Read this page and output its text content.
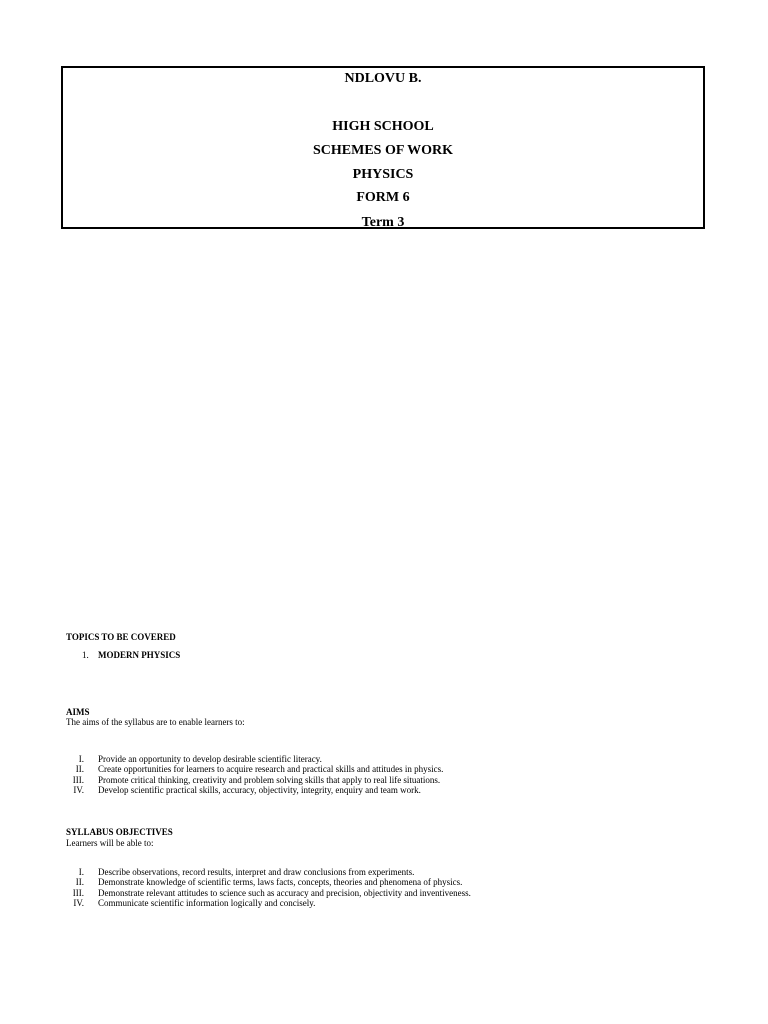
NDLOVU B.
HIGH SCHOOL
SCHEMES OF WORK
PHYSICS
FORM 6
Term 3
TOPICS TO BE COVERED
1.	MODERN PHYSICS
AIMS
The aims of the syllabus are to enable learners to:
I. Provide an opportunity to develop desirable scientific literacy.
II. Create opportunities for learners to acquire research and practical skills and attitudes in physics.
III. Promote critical thinking, creativity and problem solving skills that apply to real life situations.
IV. Develop scientific practical skills, accuracy, objectivity, integrity, enquiry and team work.
SYLLABUS OBJECTIVES
Learners will be able to:
I. Describe observations, record results, interpret and draw conclusions from experiments.
II. Demonstrate knowledge of scientific terms, laws facts, concepts, theories and phenomena of physics.
III. Demonstrate relevant attitudes to science such as accuracy and precision, objectivity and inventiveness.
IV. Communicate scientific information logically and concisely.
